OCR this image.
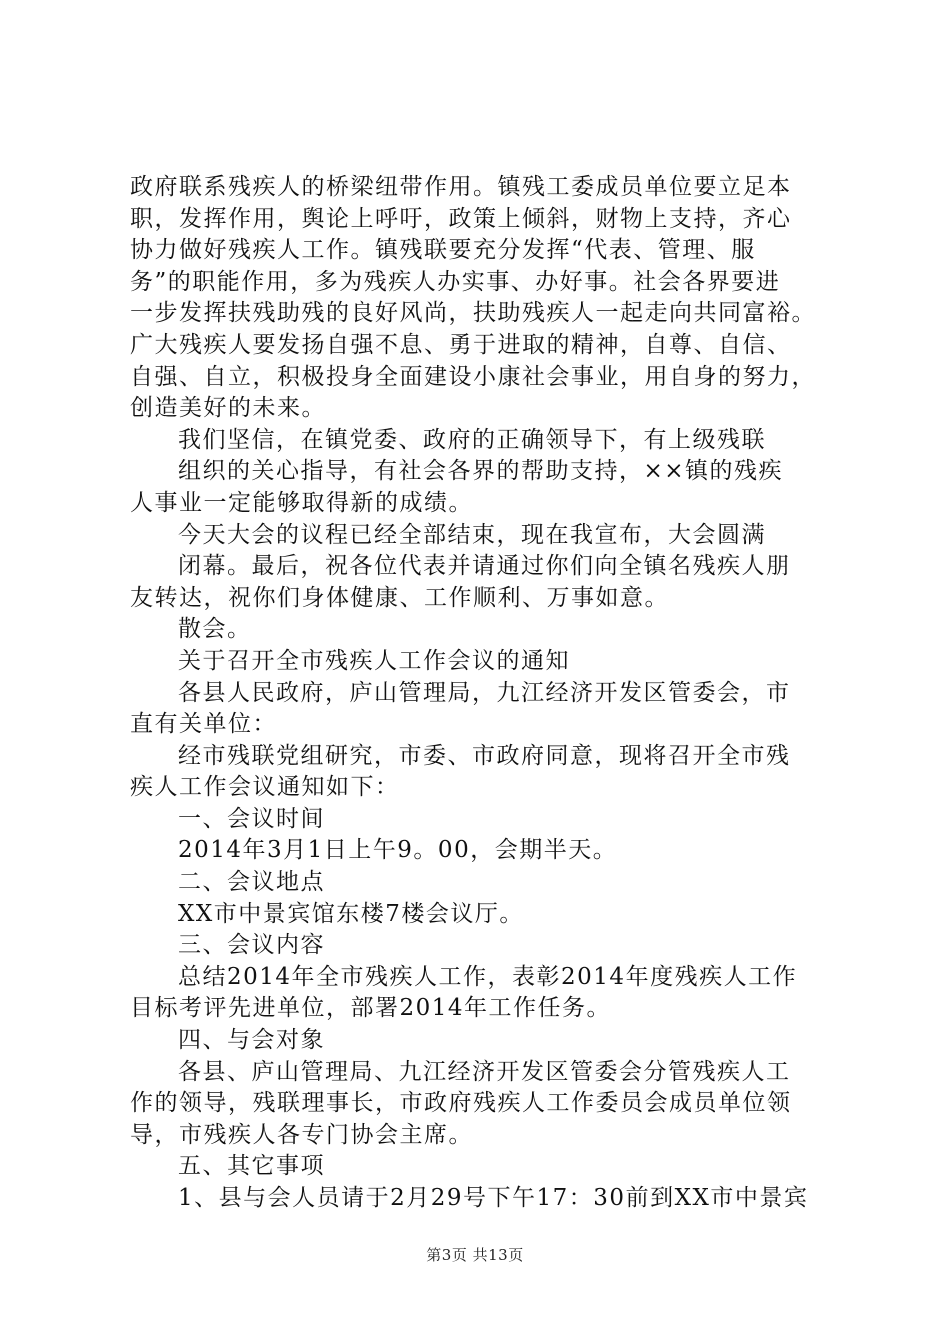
政府联系残疾人的桥梁纽带作用。镇残工委成员单位要立足本
职，发挥作用，舆论上呼吁，政策上倾斜，财物上支持，齐心
协力做好残疾人工作。镇残联要充分发挥“代表、管理、服
务”的职能作用，多为残疾人办实事、办好事。社会各界要进
一步发挥扶残助残的良好风尚，扶助残疾人一起走向共同富裕。
广大残疾人要发扬自强不息、勇于进取的精神，自尊、自信、
自强、自立，积极投身全面建设小康社会事业，用自身的努力，
创造美好的未来。
我们坚信，在镇党委、政府的正确领导下，有上级残联
组织的关心指导，有社会各界的帮助支持，××镇的残疾
人事业一定能够取得新的成绩。
今天大会的议程已经全部结束，现在我宣布，大会圆满
闭幕。最后，祝各位代表并请通过你们向全镇名残疾人朋
友转达，祝你们身体健康、工作顺利、万事如意。
散会。
关于召开全市残疾人工作会议的通知
各县人民政府，庐山管理局，九江经济开发区管委会，市
直有关单位：
经市残联党组研究，市委、市政府同意，现将召开全市残
疾人工作会议通知如下：
一、会议时间
2014年3月1日上午9。00，会期半天。
二、会议地点
XX市中景宾馆东楼7楼会议厅。
三、会议内容
总结2014年全市残疾人工作，表彰2014年度残疾人工作
目标考评先进单位，部署2014年工作任务。
四、与会对象
各县、庐山管理局、九江经济开发区管委会分管残疾人工
作的领导，残联理事长，市政府残疾人工作委员会成员单位领
导，市残疾人各专门协会主席。
五、其它事项
1、县与会人员请于2月29号下午17：30前到XX市中景宾
第3页 共13页
